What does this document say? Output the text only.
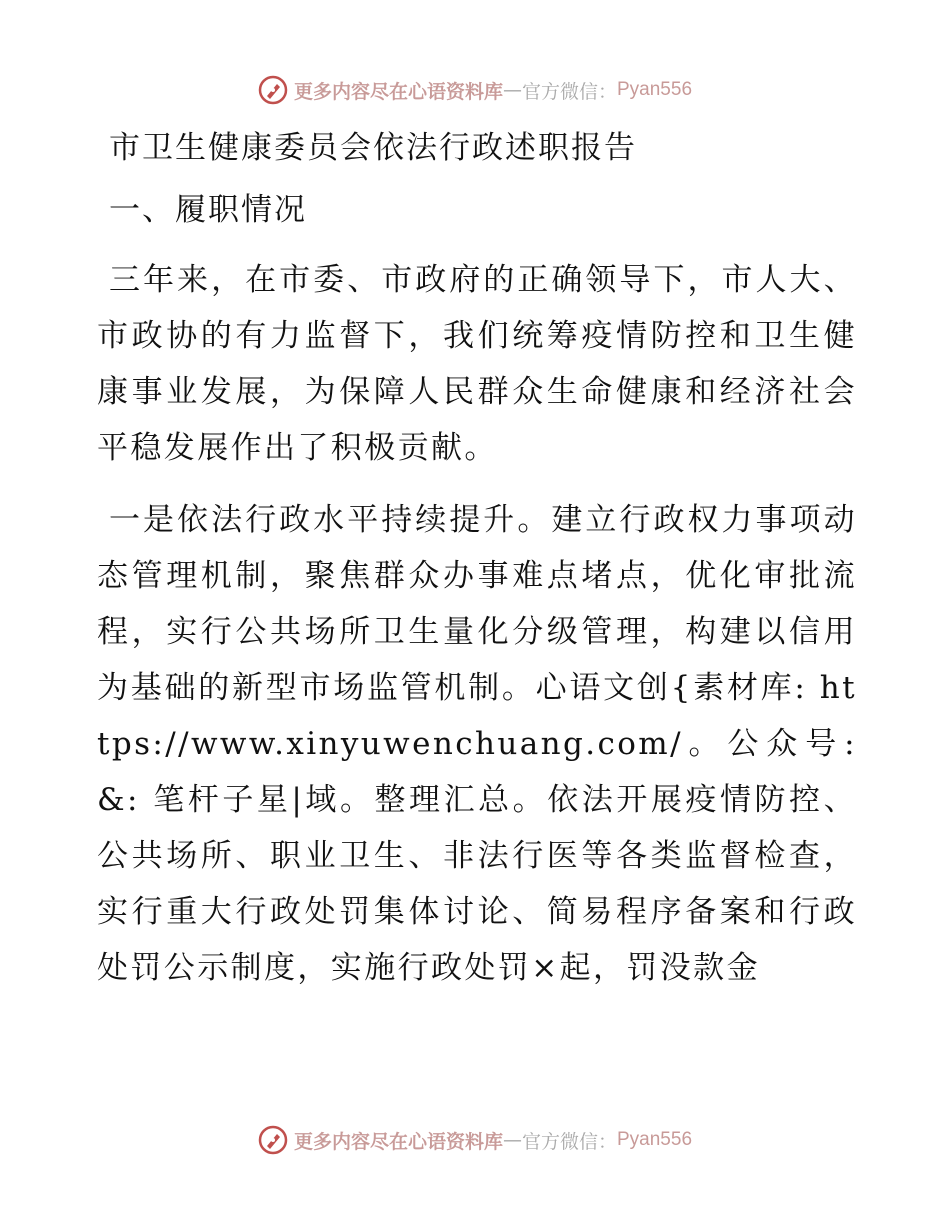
更多内容尽在心语资料库 — 官方微信： Pyan556
市卫生健康委员会依法行政述职报告
一、履职情况

三年来，在市委、市政府的正确领导下，市人大、市政协的有力监督下，我们统筹疫情防控和卫生健康事业发展，为保障人民群众生命健康和经济社会平稳发展作出了积极贡献。

一是依法行政水平持续提升。建立行政权力事项动态管理机制，聚焦群众办事难点堵点，优化审批流程，实行公共场所卫生量化分级管理，构建以信用为基础的新型市场监管机制。心语文创{素材库: https://www.xinyuwenchuang.com/。公众号:&: 笔杆子星|域。整理汇总。依法开展疫情防控、公共场所、职业卫生、非法行医等各类监督检查，实行重大行政处罚集体讨论、简易程序备案和行政处罚公示制度，实施行政处罚×起，罚没款金

更多内容尽在心语资料库 — 官方微信： Pyan556
